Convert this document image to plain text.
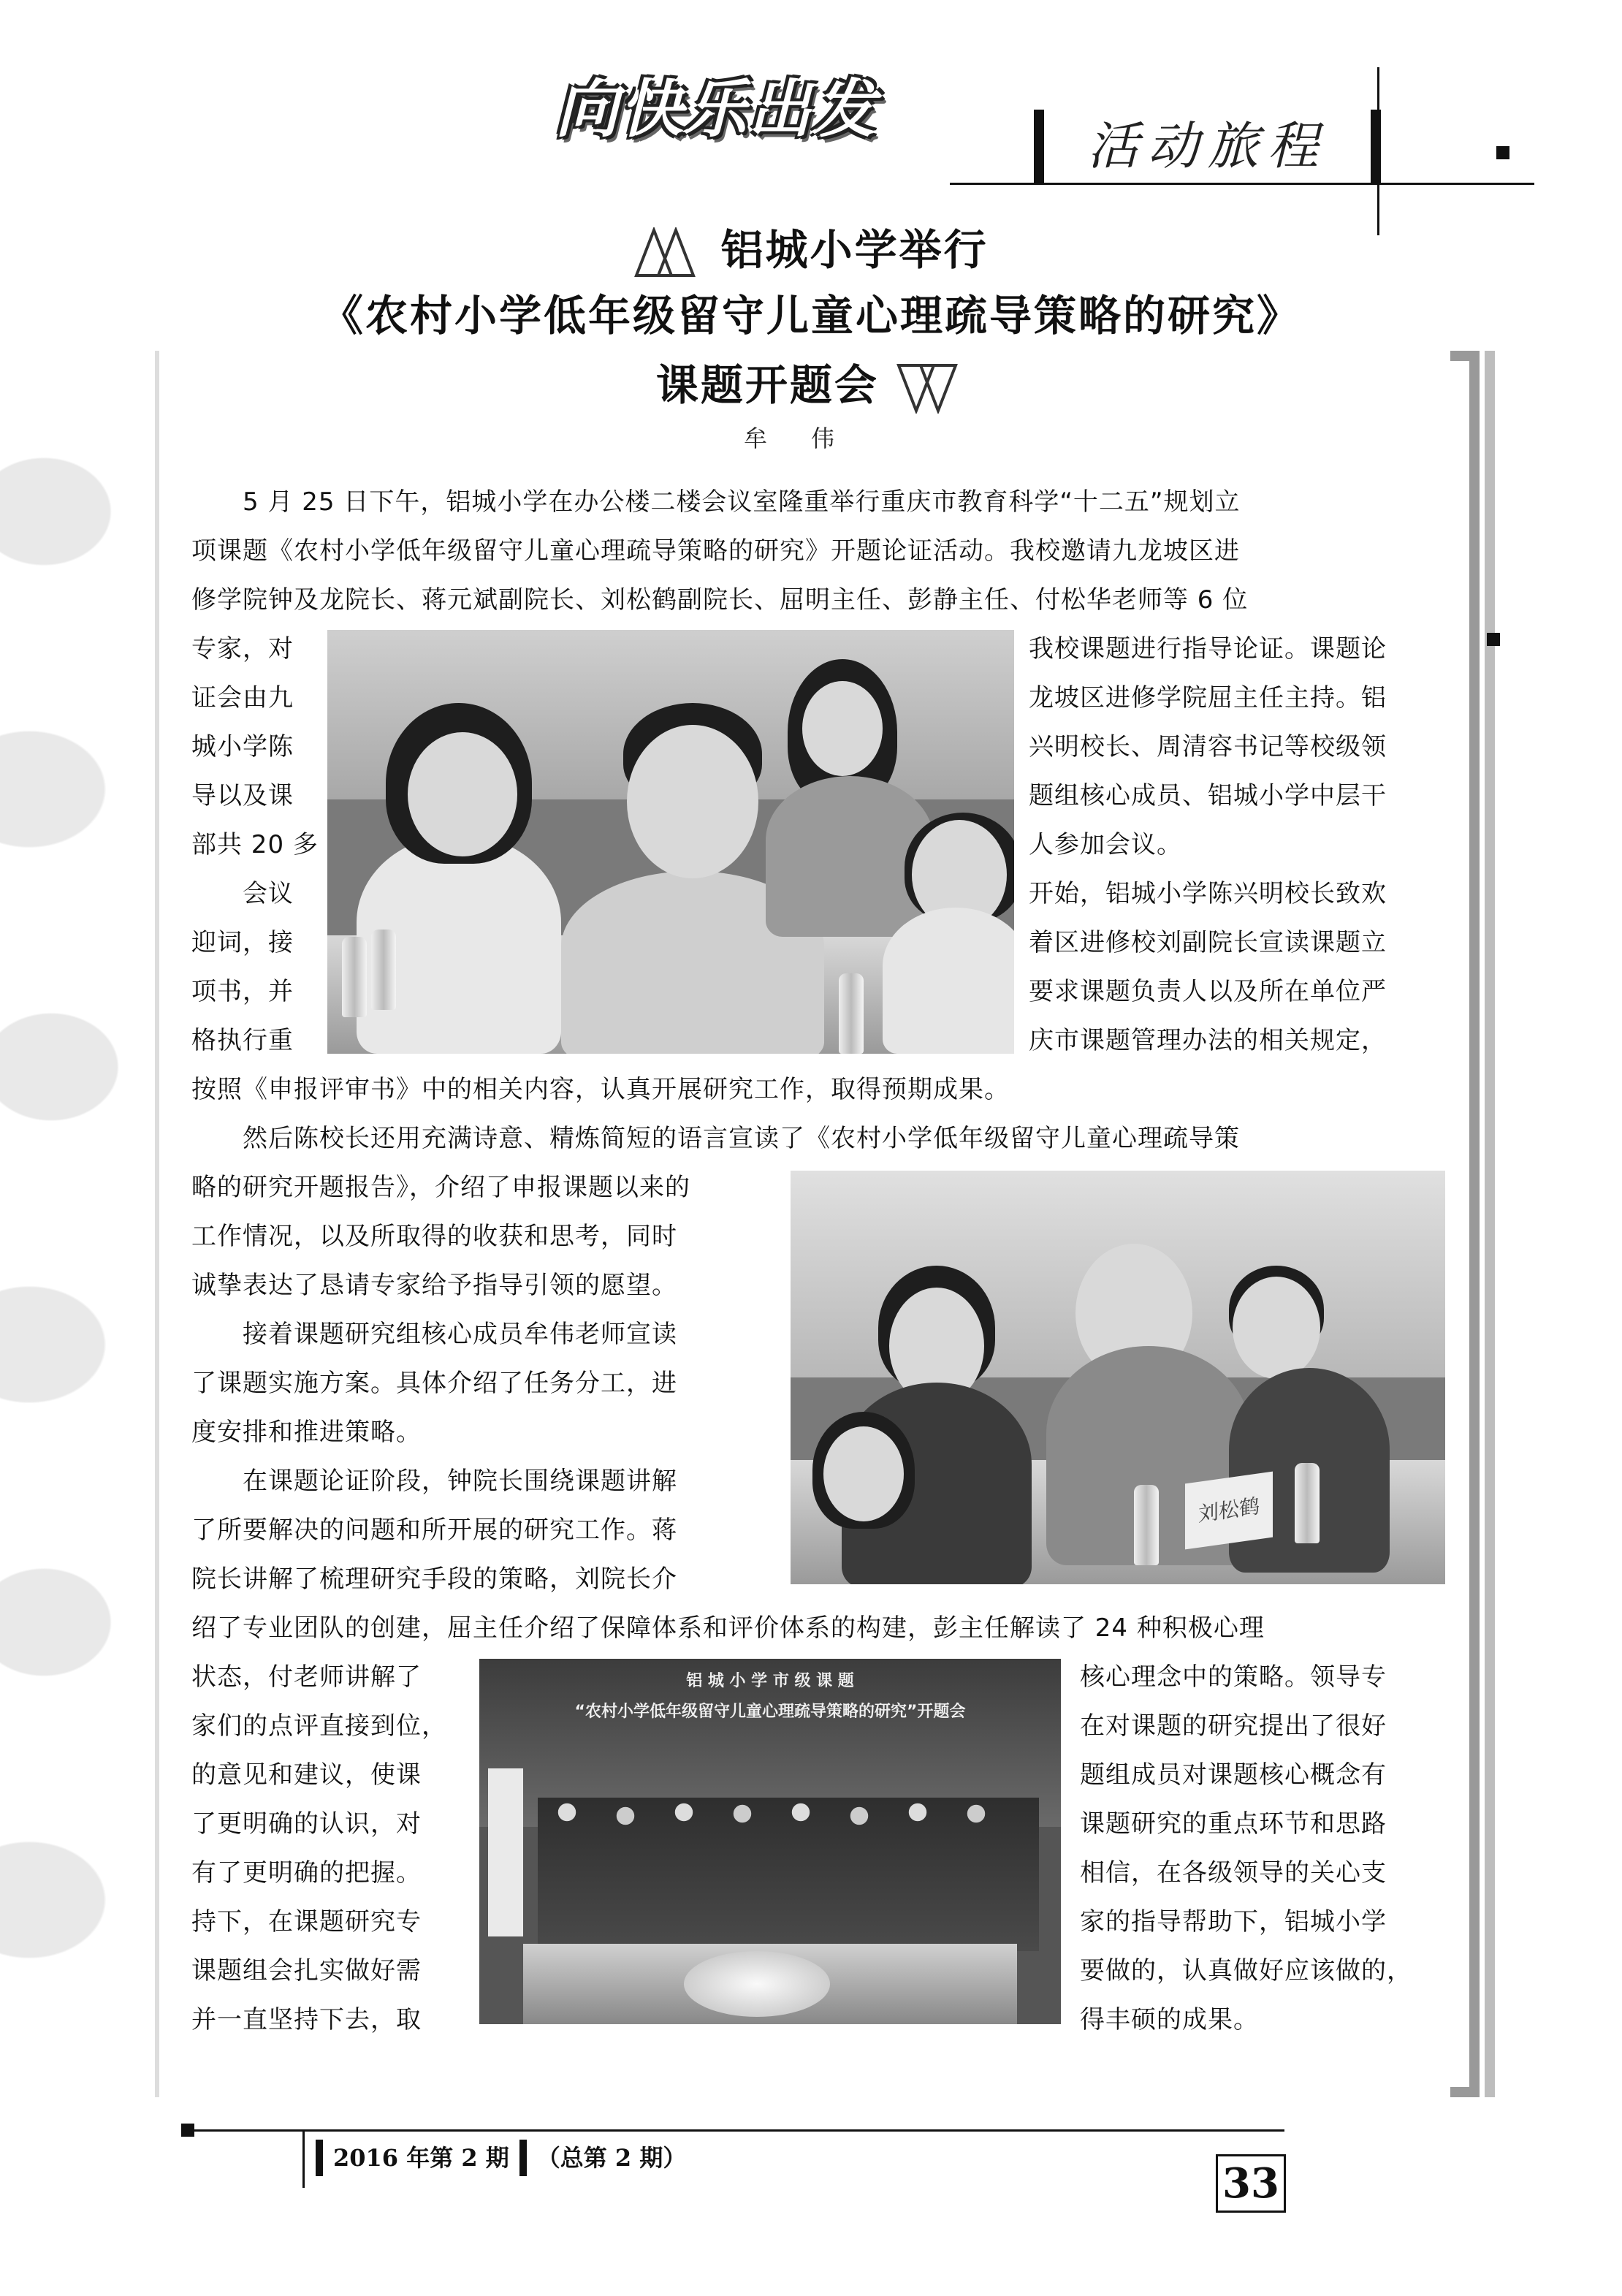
向快乐出发	活动旅程
铝城小学举行
《农村小学低年级留守儿童心理疏导策略的研究》
课题开题会
牟伟
　　5 月 25 日下午，铝城小学在办公楼二楼会议室隆重举行重庆市教育科学“十二五”规划立
项课题《农村小学低年级留守儿童心理疏导策略的研究》开题论证活动。我校邀请九龙坡区进
修学院钟及龙院长、蒋元斌副院长、刘松鹤副院长、屈明主任、彭静主任、付松华老师等 6 位
专家，对	我校课题进行指导论证。课题论
证会由九	龙坡区进修学院屈主任主持。铝
城小学陈	兴明校长、周清容书记等校级领
导以及课	题组核心成员、铝城小学中层干
部共 20 多	人参加会议。
　　会议	开始，铝城小学陈兴明校长致欢
迎词，接	着区进修校刘副院长宣读课题立
项书，并	要求课题负责人以及所在单位严
格执行重	庆市课题管理办法的相关规定，
按照《申报评审书》中的相关内容，认真开展研究工作，取得预期成果。
　　然后陈校长还用充满诗意、精炼简短的语言宣读了《农村小学低年级留守儿童心理疏导策
略的研究开题报告》，介绍了申报课题以来的
工作情况，以及所取得的收获和思考，同时
诚挚表达了恳请专家给予指导引领的愿望。
　　接着课题研究组核心成员牟伟老师宣读
了课题实施方案。具体介绍了任务分工，进
度安排和推进策略。
　　在课题论证阶段，钟院长围绕课题讲解
了所要解决的问题和所开展的研究工作。蒋
院长讲解了梳理研究手段的策略，刘院长介
绍了专业团队的创建，屈主任介绍了保障体系和评价体系的构建，彭主任解读了 24 种积极心理
状态，付老师讲解了	核心理念中的策略。领导专
家们的点评直接到位，	在对课题的研究提出了很好
的意见和建议，使课	题组成员对课题核心概念有
了更明确的认识，对	课题研究的重点环节和思路
有了更明确的把握。	相信，在各级领导的关心支
持下，在课题研究专	家的指导帮助下，铝城小学
课题组会扎实做好需	要做的，认真做好应该做的，
并一直坚持下去，取	得丰硕的成果。
刘松鹤
铝 城 小 学 市 级 课 题
“农村小学低年级留守儿童心理疏导策略的研究”开题会
2016 年第 2 期 （总第 2 期）
33
